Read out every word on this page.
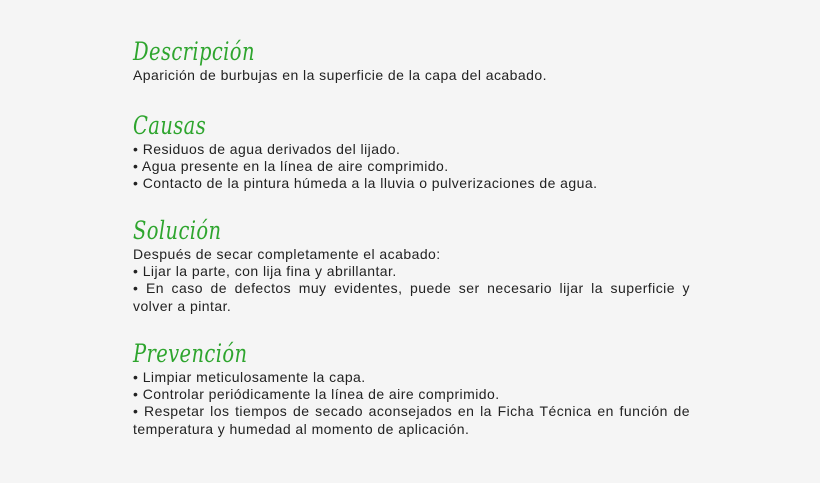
Descripción

Aparición de burbujas en la superficie de la capa del acabado.

Causas

• Residuos de agua derivados del lijado.

• Agua presente en la línea de aire comprimido.

• Contacto de la pintura húmeda a la lluvia o pulverizaciones de agua.

Solución

Después de secar completamente el acabado:

• Lijar la parte, con lija fina y abrillantar.

• En caso de defectos muy evidentes, puede ser necesario lijar la superficie y volver a pintar.

Prevención

• Limpiar meticulosamente la capa.

• Controlar periódicamente la línea de aire comprimido.

• Respetar los tiempos de secado aconsejados en la Ficha Técnica en función de temperatura y humedad al momento de aplicación.
